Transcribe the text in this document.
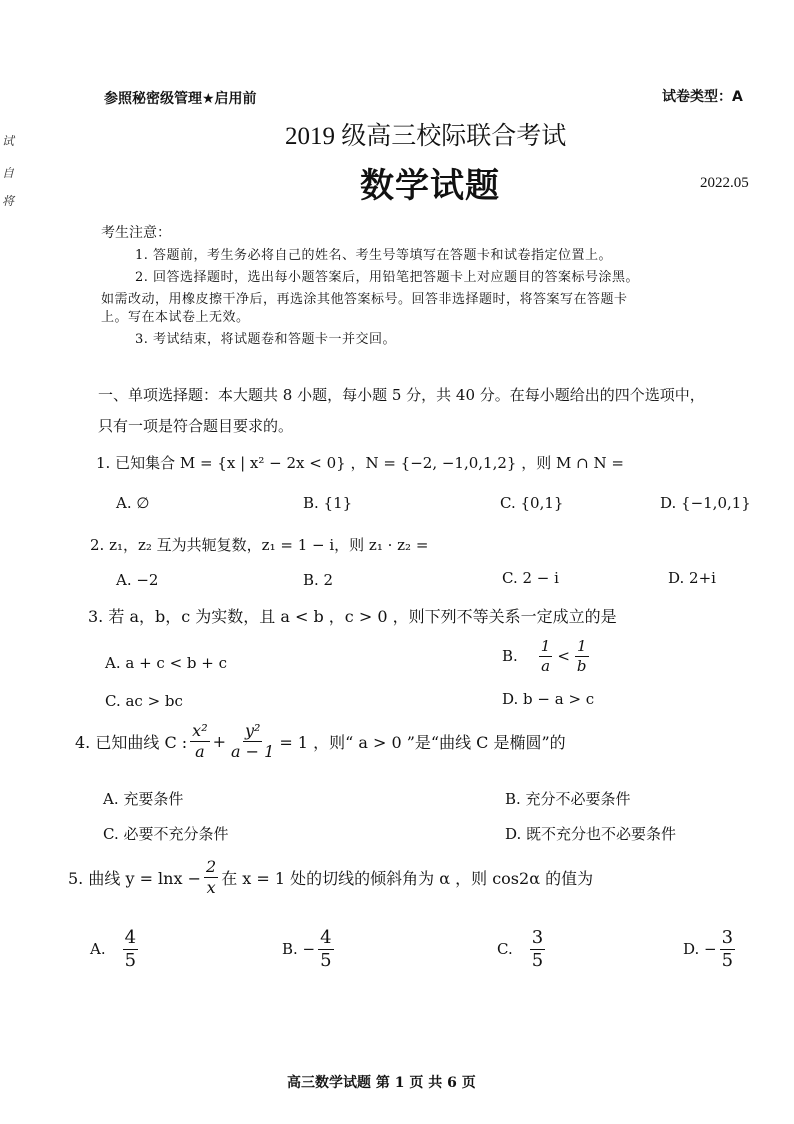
参照秘密级管理★启用前	试卷类型：A
试
自
将
2019 级高三校际联合考试
数学试题	2022.05
考生注意：
1. 答题前，考生务必将自己的姓名、考生号等填写在答题卡和试卷指定位置上。
2. 回答选择题时，选出每小题答案后，用铅笔把答题卡上对应题目的答案标号涂黑。
如需改动，用橡皮擦干净后，再选涂其他答案标号。回答非选择题时，将答案写在答题卡
上。写在本试卷上无效。
3. 考试结束，将试题卷和答题卡一并交回。
一、单项选择题：本大题共 8 小题，每小题 5 分，共 40 分。在每小题给出的四个选项中，
只有一项是符合题目要求的。
1. 已知集合 M = {x | x² − 2x < 0} ，N = {−2, −1,0,1,2} ，则 M ∩ N =
A. ∅	B. {1}	C. {0,1}	D. {−1,0,1}
2. z₁，z₂ 互为共轭复数，z₁ = 1 − i，则 z₁ · z₂ =
A. −2	B. 2	C. 2 − i	D. 2+i
3. 若 a，b，c 为实数，且 a < b ，c > 0 ，则下列不等关系一定成立的是
A. a + c < b + c	B. $\frac{1}{a} < \frac{1}{b}$
C. ac > bc	D. b − a > c
4. 已知曲线 C : $\frac{\text{x²}}{a} + \frac{\text{y²}}{a - 1} = 1$ ，则“ a > 0 ”是“曲线 C 是椭圆”的
A. 充要条件	B. 充分不必要条件
C. 必要不充分条件	D. 既不充分也不必要条件
5. 曲线 $y = \ln x - \frac{2}{x}$ 在 x = 1 处的切线的倾斜角为 α ，则 cos2α 的值为
A. $\frac{4}{5}$	B. − $\frac{4}{5}$	C. $\frac{3}{5}$	D. − $\frac{3}{5}$
高三数学试题 第 1 页 共 6 页
